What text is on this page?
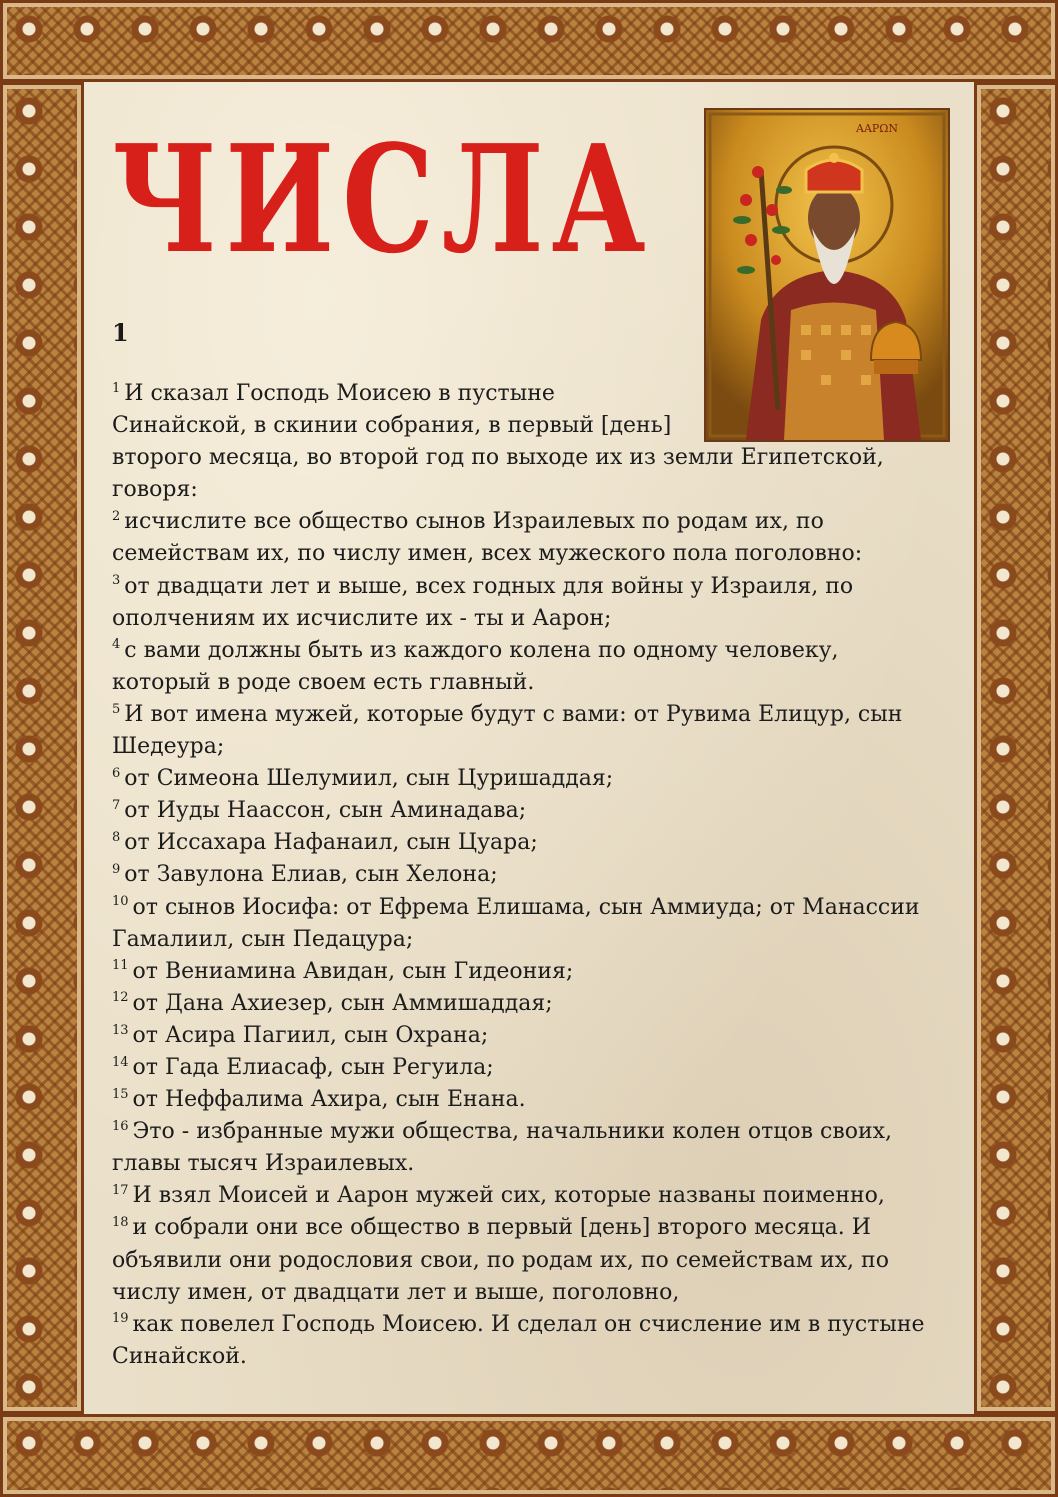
ЧИСЛА
1
ΑΑΡΩΝ

$^1$ И сказал Господь Моисею в пустыне Синайской, в скинии собрания, в первый [день]

второго месяца, во второй год по выходе их из земли Египетской, говоря:

$^2$ исчислите все общество сынов Израилевых по родам их, по семействам их, по числу имен, всех мужеского пола поголовно:

$^3$ от двадцати лет и выше, всех годных для войны у Израиля, по ополчениям их исчислите их - ты и Аарон;

$^4$ с вами должны быть из каждого колена по одному человеку, который в роде своем есть главный.

$^5$ И вот имена мужей, которые будут с вами: от Рувима Елицур, сын Шедеура;

$^6$ от Симеона Шелумиил, сын Цуришаддая;

$^7$ от Иуды Наассон, сын Аминадава;

$^8$ от Иссахара Нафанаил, сын Цуара;

$^9$ от Завулона Елиав, сын Хелона;

$^{10}$ от сынов Иосифа: от Ефрема Елишама, сын Аммиуда; от Манассии Гамалиил, сын Педацура;

$^{11}$ от Вениамина Авидан, сын Гидеония;

$^{12}$ от Дана Ахиезер, сын Аммишаддая;

$^{13}$ от Асира Пагиил, сын Охрана;

$^{14}$ от Гада Елиасаф, сын Регуила;

$^{15}$ от Неффалима Ахира, сын Енана.

$^{16}$ Это - избранные мужи общества, начальники колен отцов своих, главы тысяч Израилевых.

$^{17}$ И взял Моисей и Аарон мужей сих, которые названы поименно,

$^{18}$ и собрали они все общество в первый [день] второго месяца. И объявили они родословия свои, по родам их, по семействам их, по числу имен, от двадцати лет и выше, поголовно,

$^{19}$ как повелел Господь Моисею. И сделал он счисление им в пустыне Синайской.
